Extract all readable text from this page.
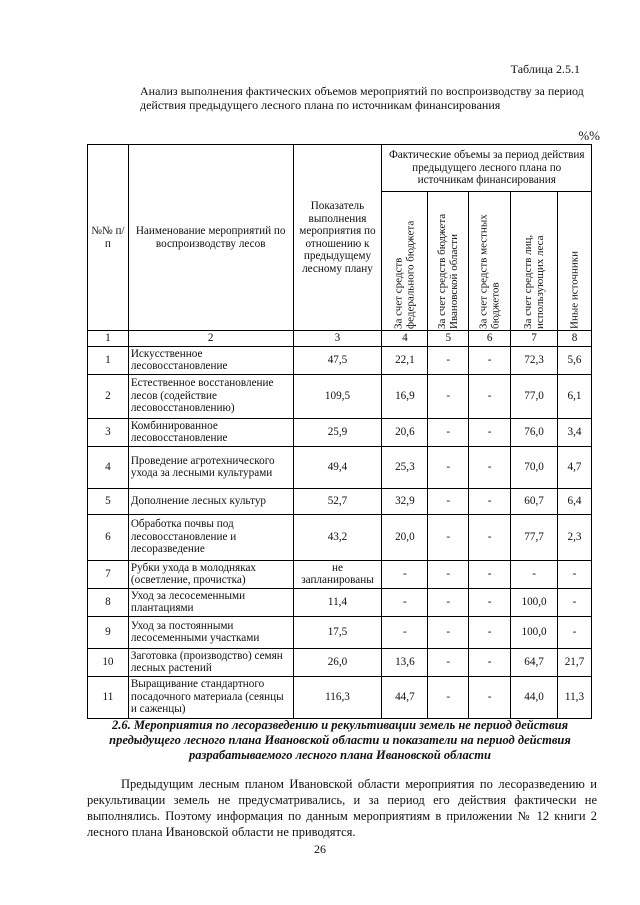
Таблица 2.5.1
Анализ выполнения фактических объемов мероприятий по воспроизводству за период действия предыдущего лесного плана по источникам финансирования
%%
№№ п/п	Наименование мероприятий по воспроизводству лесов	Показатель выполнения мероприятия по отношению к предыдущему лесному плану	Фактические объемы за период действия предыдущего лесного плана по источникам финансирования				

За счет средств федерального бюджета	За счет средств бюджета Ивановской области	За счет средств местных бюджетов	За счет средств лиц, использующих леса	Иные источники

1	2	3	4	5	6	7	8
1	Искусственное лесовосстановление	47,5	22,1	-	-	72,3	5,6
2	Естественное восстановление лесов (содействие лесовосстановлению)	109,5	16,9	-	-	77,0	6,1
3	Комбинированное лесовосстановление	25,9	20,6	-	-	76,0	3,4
4	Проведение агротехнического ухода за лесными культурами	49,4	25,3	-	-	70,0	4,7
5	Дополнение лесных культур	52,7	32,9	-	-	60,7	6,4
6	Обработка почвы под лесовосстановление и лесоразведение	43,2	20,0	-	-	77,7	2,3
7	Рубки ухода в молодняках (осветление, прочистка)	не запланированы	-	-	-	-	-
8	Уход за лесосеменными плантациями	11,4	-	-	-	100,0	-
9	Уход за постоянными лесосеменными участками	17,5	-	-	-	100,0	-
10	Заготовка (производство) семян лесных растений	26,0	13,6	-	-	64,7	21,7
11	Выращивание стандартного посадочного материала (сеянцы и саженцы)	116,3	44,7	-	-	44,0	11,3
2.6. Мероприятия по лесоразведению и рекультивации земель не период действия предыдущего лесного плана Ивановской области и показатели на период действия разрабатываемого лесного плана Ивановской области
Предыдущим лесным планом Ивановской области мероприятия по лесоразведению и рекультивации земель не предусматривались, и за период его действия фактически не выполнялись. Поэтому информация по данным мероприятиям в приложении № 12 книги 2 лесного плана Ивановской области не приводятся.
26
